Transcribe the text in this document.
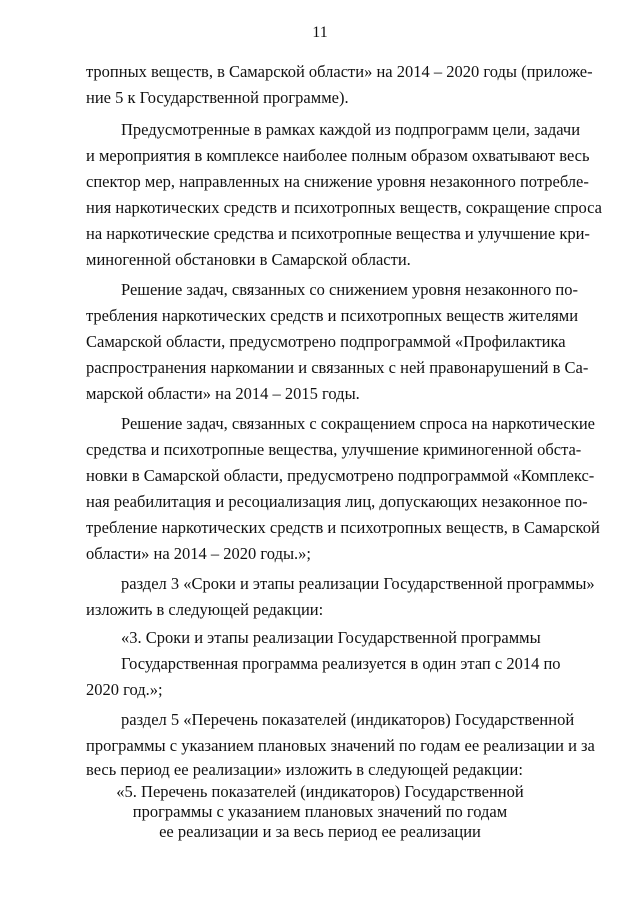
11
тропных веществ, в Самарской области» на 2014 – 2020 годы (приложе-
ние 5 к Государственной программе).
Предусмотренные в рамках каждой из подпрограмм цели, задачи
и мероприятия в комплексе наиболее полным образом охватывают весь
спектор мер, направленных на снижение уровня незаконного потребле-
ния наркотических средств и психотропных веществ, сокращение спроса
на наркотические средства и психотропные вещества и улучшение кри-
миногенной обстановки в Самарской области.
Решение задач, связанных со снижением уровня незаконного по-
требления наркотических средств и психотропных веществ жителями
Самарской области, предусмотрено подпрограммой «Профилактика
распространения наркомании и связанных с ней правонарушений в Са-
марской области» на 2014 – 2015 годы.
Решение задач, связанных с сокращением спроса на наркотические
средства и психотропные вещества, улучшение криминогенной обста-
новки в Самарской области, предусмотрено подпрограммой «Комплекс-
ная реабилитация и ресоциализация лиц, допускающих незаконное по-
требление наркотических средств и психотропных веществ, в Самарской
области» на 2014 – 2020 годы.»;
раздел 3 «Сроки и этапы реализации Государственной программы»
изложить в следующей редакции:
«3. Сроки и этапы реализации Государственной программы
Государственная программа реализуется в один этап с 2014 по
2020 год.»;
раздел 5 «Перечень показателей (индикаторов) Государственной
программы с указанием плановых значений по годам ее реализации и за
весь период ее реализации» изложить в следующей редакции:
«5. Перечень показателей (индикаторов) Государственной
программы с указанием плановых значений по годам
ее реализации и за весь период ее реализации
